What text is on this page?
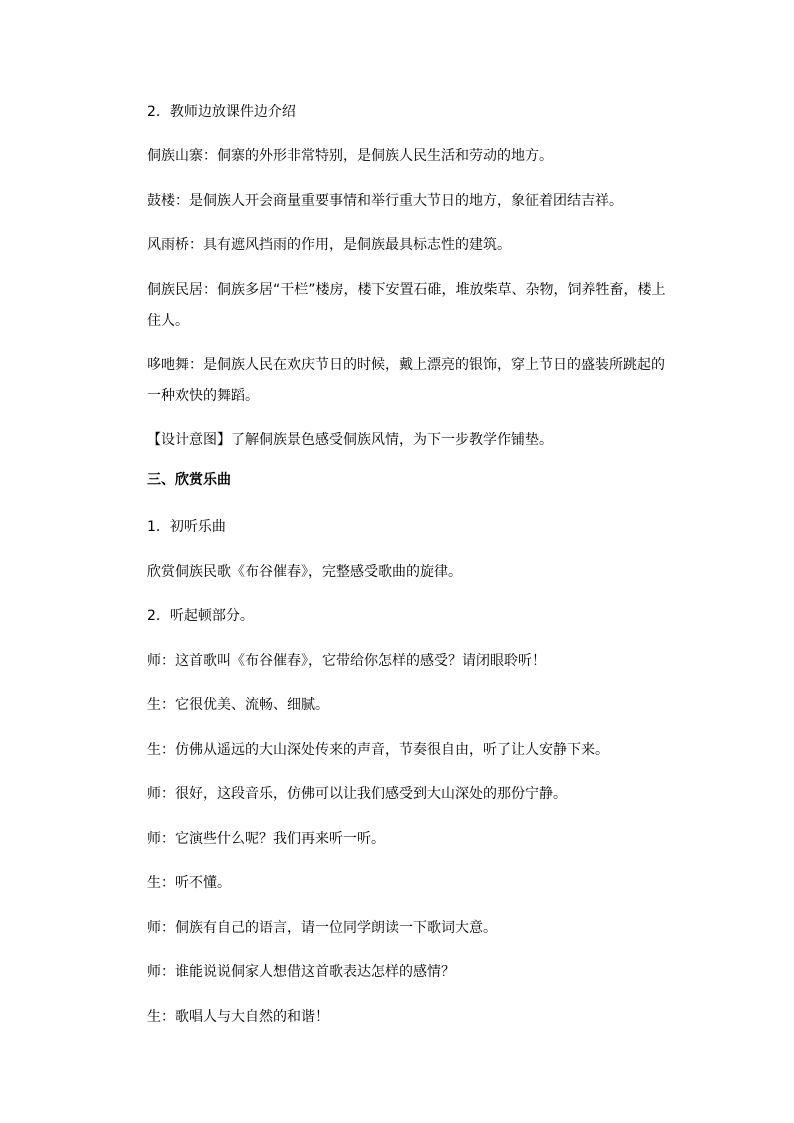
2．教师边放课件边介绍

侗族山寨：侗寨的外形非常特别，是侗族人民生活和劳动的地方。

鼓楼：是侗族人开会商量重要事情和举行重大节日的地方，象征着团结吉祥。

风雨桥：具有遮风挡雨的作用，是侗族最具标志性的建筑。

侗族民居：侗族多居“干栏”楼房，楼下安置石碓，堆放柴草、杂物，饲养牲畜，楼上住人。

哆吔舞：是侗族人民在欢庆节日的时候，戴上漂亮的银饰，穿上节日的盛装所跳起的一种欢快的舞蹈。

【设计意图】了解侗族景色感受侗族风情，为下一步教学作铺垫。

三、欣赏乐曲

1．初听乐曲

欣赏侗族民歌《布谷催春》，完整感受歌曲的旋律。

2．听起顿部分。

师：这首歌叫《布谷催春》，它带给你怎样的感受？请闭眼聆听！

生：它很优美、流畅、细腻。

生：仿佛从遥远的大山深处传来的声音，节奏很自由，听了让人安静下来。

师：很好，这段音乐，仿佛可以让我们感受到大山深处的那份宁静。

师：它演些什么呢？我们再来听一听。

生：听不懂。

师：侗族有自己的语言，请一位同学朗读一下歌词大意。

师：谁能说说侗家人想借这首歌表达怎样的感情？

生：歌唱人与大自然的和谐！
